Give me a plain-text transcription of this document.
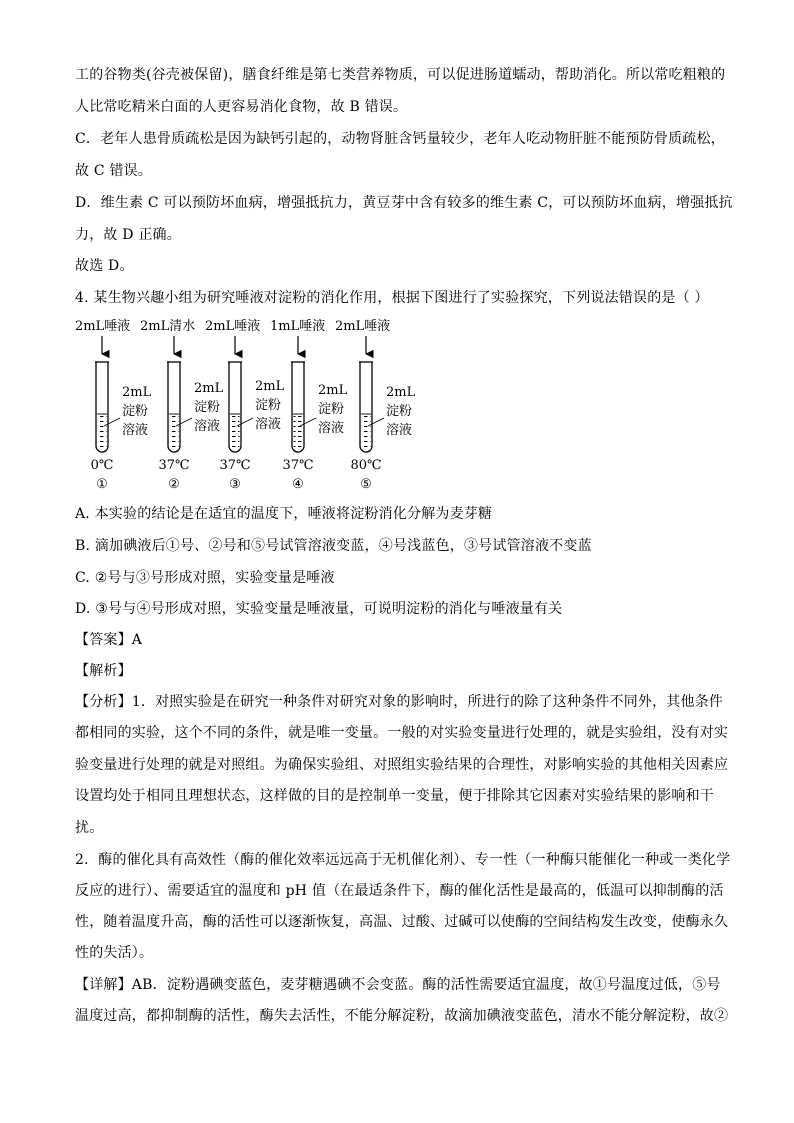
工的谷物类(谷壳被保留)，膳食纤维是第七类营养物质，可以促进肠道蠕动，帮助消化。所以常吃粗粮的
人比常吃精米白面的人更容易消化食物，故 B 错误。
C．老年人患骨质疏松是因为缺钙引起的，动物肾脏含钙量较少，老年人吃动物肝脏不能预防骨质疏松，
故 C 错误。
D．维生素 C 可以预防坏血病，增强抵抗力，黄豆芽中含有较多的维生素 C，可以预防坏血病，增强抵抗
力，故 D 正确。
故选 D。
4. 某生物兴趣小组为研究唾液对淀粉的消化作用，根据下图进行了实验探究，下列说法错误的是（ ）
2mL唾液
2mL
淀粉
溶液
0℃
①
2mL清水
2mL
淀粉
溶液
37℃
②
2mL唾液
2mL
淀粉
溶液
37℃
③
1mL唾液
2mL
淀粉
溶液
37℃
④
2mL唾液
2mL
淀粉
溶液
80℃
⑤
A. 本实验的结论是在适宜的温度下，唾液将淀粉消化分解为麦芽糖
B. 滴加碘液后①号、②号和⑤号试管溶液变蓝，④号浅蓝色，③号试管溶液不变蓝
C. ②号与③号形成对照，实验变量是唾液
D. ③号与④号形成对照，实验变量是唾液量，可说明淀粉的消化与唾液量有关
【答案】A
【解析】
【分析】1．对照实验是在研究一种条件对研究对象的影响时，所进行的除了这种条件不同外，其他条件
都相同的实验，这个不同的条件，就是唯一变量。一般的对实验变量进行处理的，就是实验组，没有对实
验变量进行处理的就是对照组。为确保实验组、对照组实验结果的合理性，对影响实验的其他相关因素应
设置均处于相同且理想状态，这样做的目的是控制单一变量，便于排除其它因素对实验结果的影响和干
扰。
2．酶的催化具有高效性（酶的催化效率远远高于无机催化剂）、专一性（一种酶只能催化一种或一类化学
反应的进行）、需要适宜的温度和 pH 值（在最适条件下，酶的催化活性是最高的，低温可以抑制酶的活
性，随着温度升高，酶的活性可以逐渐恢复，高温、过酸、过碱可以使酶的空间结构发生改变，使酶永久
性的失活）。
【详解】AB．淀粉遇碘变蓝色，麦芽糖遇碘不会变蓝。酶的活性需要适宜温度，故①号温度过低，⑤号
温度过高，都抑制酶的活性，酶失去活性，不能分解淀粉，故滴加碘液变蓝色，清水不能分解淀粉，故②
